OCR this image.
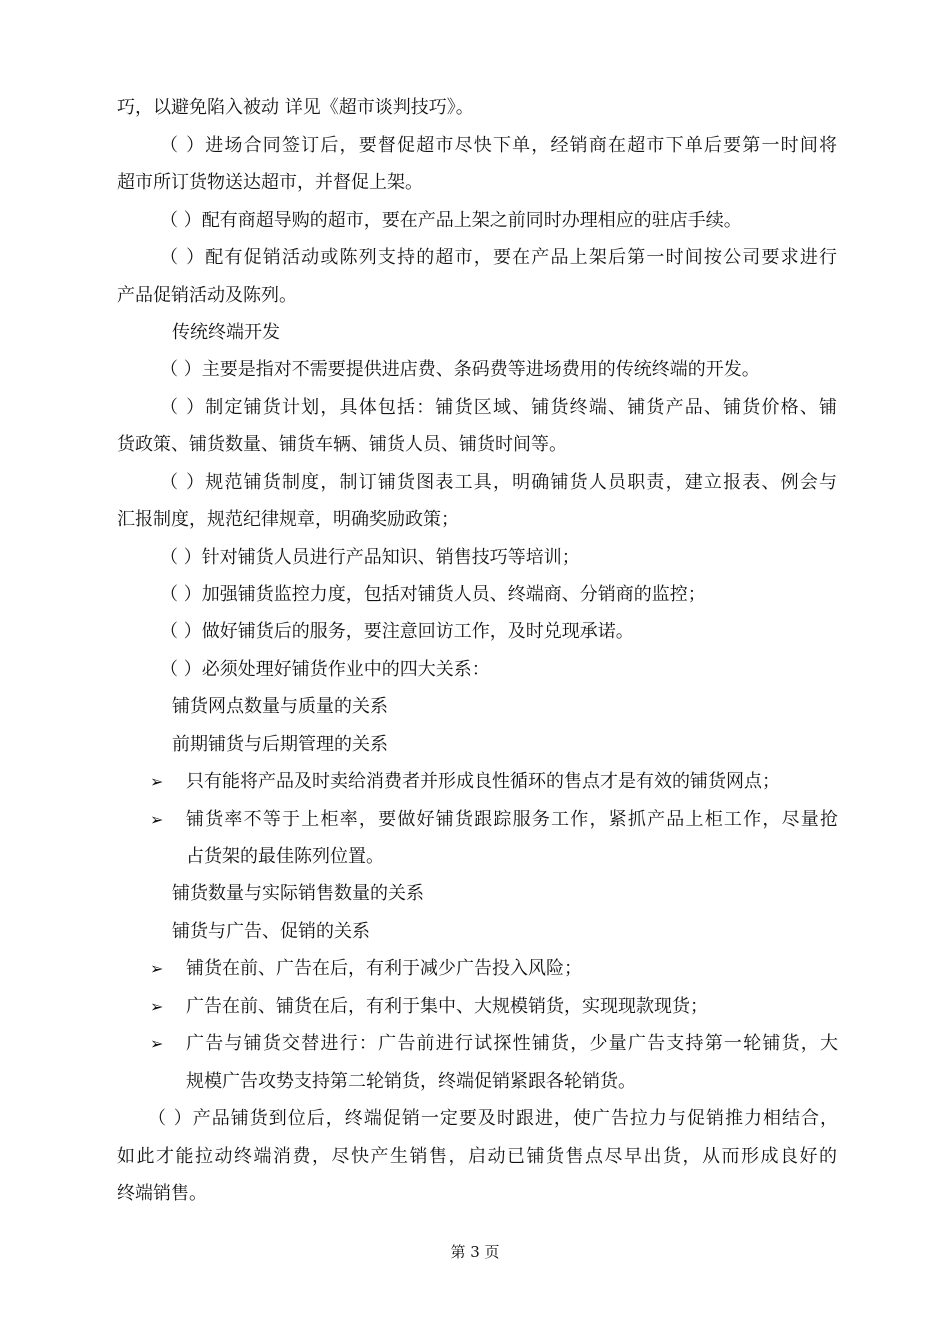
巧，以避免陷入被动 详见《超市谈判技巧》。
（ ）进场合同签订后，要督促超市尽快下单，经销商在超市下单后要第一时间将
超市所订货物送达超市，并督促上架。
（ ）配有商超导购的超市，要在产品上架之前同时办理相应的驻店手续。
（ ）配有促销活动或陈列支持的超市，要在产品上架后第一时间按公司要求进行
产品促销活动及陈列。
传统终端开发
（ ）主要是指对不需要提供进店费、条码费等进场费用的传统终端的开发。
（ ）制定铺货计划，具体包括：铺货区域、铺货终端、铺货产品、铺货价格、铺
货政策、铺货数量、铺货车辆、铺货人员、铺货时间等。
（ ）规范铺货制度，制订铺货图表工具，明确铺货人员职责，建立报表、例会与
汇报制度，规范纪律规章，明确奖励政策；
（ ）针对铺货人员进行产品知识、销售技巧等培训；
（ ）加强铺货监控力度，包括对铺货人员、终端商、分销商的监控；
（ ）做好铺货后的服务，要注意回访工作，及时兑现承诺。
（ ）必须处理好铺货作业中的四大关系：
铺货网点数量与质量的关系
前期铺货与后期管理的关系
➢	只有能将产品及时卖给消费者并形成良性循环的售点才是有效的铺货网点；
➢	铺货率不等于上柜率，要做好铺货跟踪服务工作，紧抓产品上柜工作，尽量抢
占货架的最佳陈列位置。
铺货数量与实际销售数量的关系
铺货与广告、促销的关系
➢	铺货在前、广告在后，有利于减少广告投入风险；
➢	广告在前、铺货在后，有利于集中、大规模销货，实现现款现货；
➢	广告与铺货交替进行：广告前进行试探性铺货，少量广告支持第一轮铺货，大
规模广告攻势支持第二轮销货，终端促销紧跟各轮销货。
（ ）产品铺货到位后，终端促销一定要及时跟进，使广告拉力与促销推力相结合，
如此才能拉动终端消费，尽快产生销售，启动已铺货售点尽早出货，从而形成良好的
终端销售。
第 3 页
